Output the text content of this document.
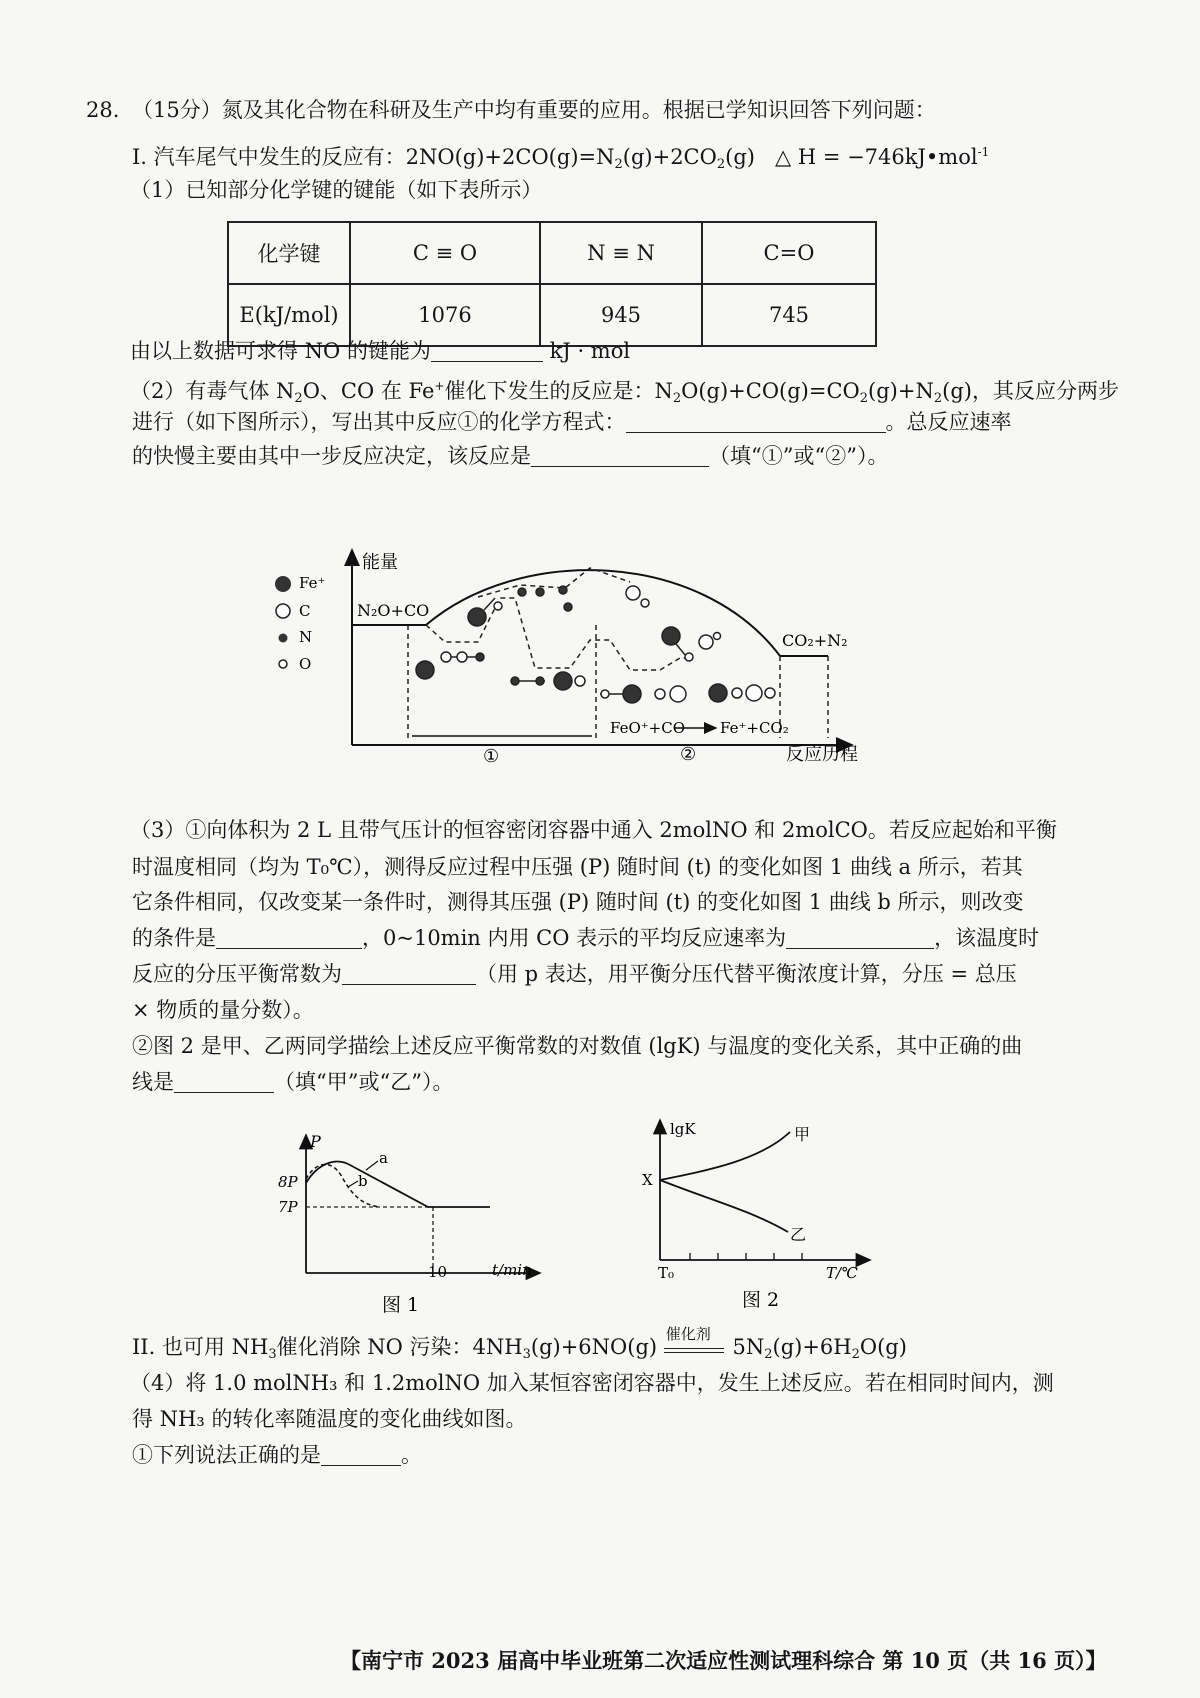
28. （15分）氮及其化合物在科研及生产中均有重要的应用。根据已学知识回答下列问题：
I. 汽车尾气中发生的反应有：$2NO(g)+2CO(g)=N_2(g)+2CO_2(g)$ △ H = −746kJ•mol$^{-1}$
（1）已知部分化学键的键能（如下表所示）
化学键	C ≡ O	N ≡ N	C=O
E(kJ/mol)	1076	945	745
由以上数据可求得 NO 的键能为	kJ · mol
（2）有毒气体 $N_2O$、CO 在 Fe+催化下发生的反应是：$N_2O(g)+CO(g)=CO_2(g)+N_2(g)$，其反应分两步
进行（如下图所示），写出其中反应①的化学方程式：	。总反应速率
的快慢主要由其中一步反应决定，该反应是	（填“①”或“②”）。
能量
反应历程
Fe⁺
C
N
O
N₂O+CO
CO₂+N₂
FeO⁺+CO Fe⁺+CO₂
①	②
（3）①向体积为 2 L 且带气压计的恒容密闭容器中通入 2molNO 和 2molCO。若反应起始和平衡
时温度相同（均为 T₀℃），测得反应过程中压强 (P) 随时间 (t) 的变化如图 1 曲线 a 所示，若其
它条件相同，仅改变某一条件时，测得其压强 (P) 随时间 (t) 的变化如图 1 曲线 b 所示，则改变
的条件是	，0~10min 内用 CO 表示的平均反应速率为	，该温度时
反应的分压平衡常数为	（用 p 表达，用平衡分压代替平衡浓度计算，分压 = 总压
× 物质的量分数）。
②图 2 是甲、乙两同学描绘上述反应平衡常数的对数值 (lgK) 与温度的变化关系，其中正确的曲
线是	（填“甲”或“乙”）。
P
t/min
8P
7P
10
a
b
图 1
lgK
T/℃
T₀
X
甲
乙
图 2
II. 也可用 $NH_3$催化消除 NO 污染：$4NH_3(g)+6NO(g)$
催化剂
$5N_2(g)+6H_2O(g)$
（4）将 1.0 molNH₃ 和 1.2molNO 加入某恒容密闭容器中，发生上述反应。若在相同时间内，测
得 NH₃ 的转化率随温度的变化曲线如图。
①下列说法正确的是	。
【南宁市 2023 届高中毕业班第二次适应性测试理科综合 第 10 页（共 16 页）】
